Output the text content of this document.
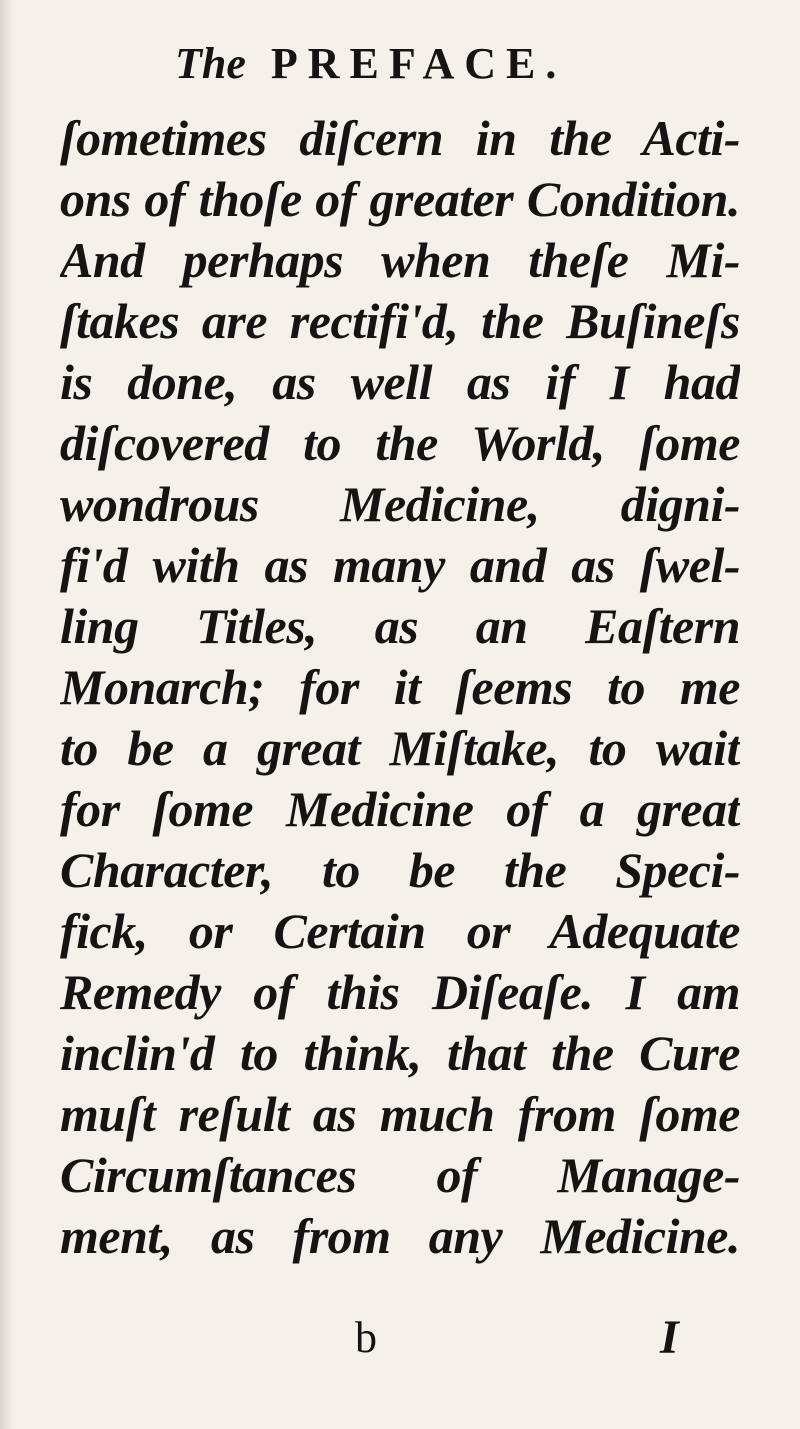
The PREFACE.
ſometimes diſcern in the Acti-
ons of thoſe of greater Condition.
And perhaps when theſe Mi-
ſtakes are rectifi'd, the Buſineſs
is done, as well as if I had
diſcovered to the World, ſome
wondrous Medicine, digni-
fi'd with as many and as ſwel-
ling Titles, as an Eaſtern
Monarch; for it ſeems to me
to be a great Miſtake, to wait
for ſome Medicine of a great
Character, to be the Speci-
fick, or Certain or Adequate
Remedy of this Diſeaſe. I am
inclin'd to think, that the Cure
muſt reſult as much from ſome
Circumſtances of Manage-
ment, as from any Medicine.
b	I
